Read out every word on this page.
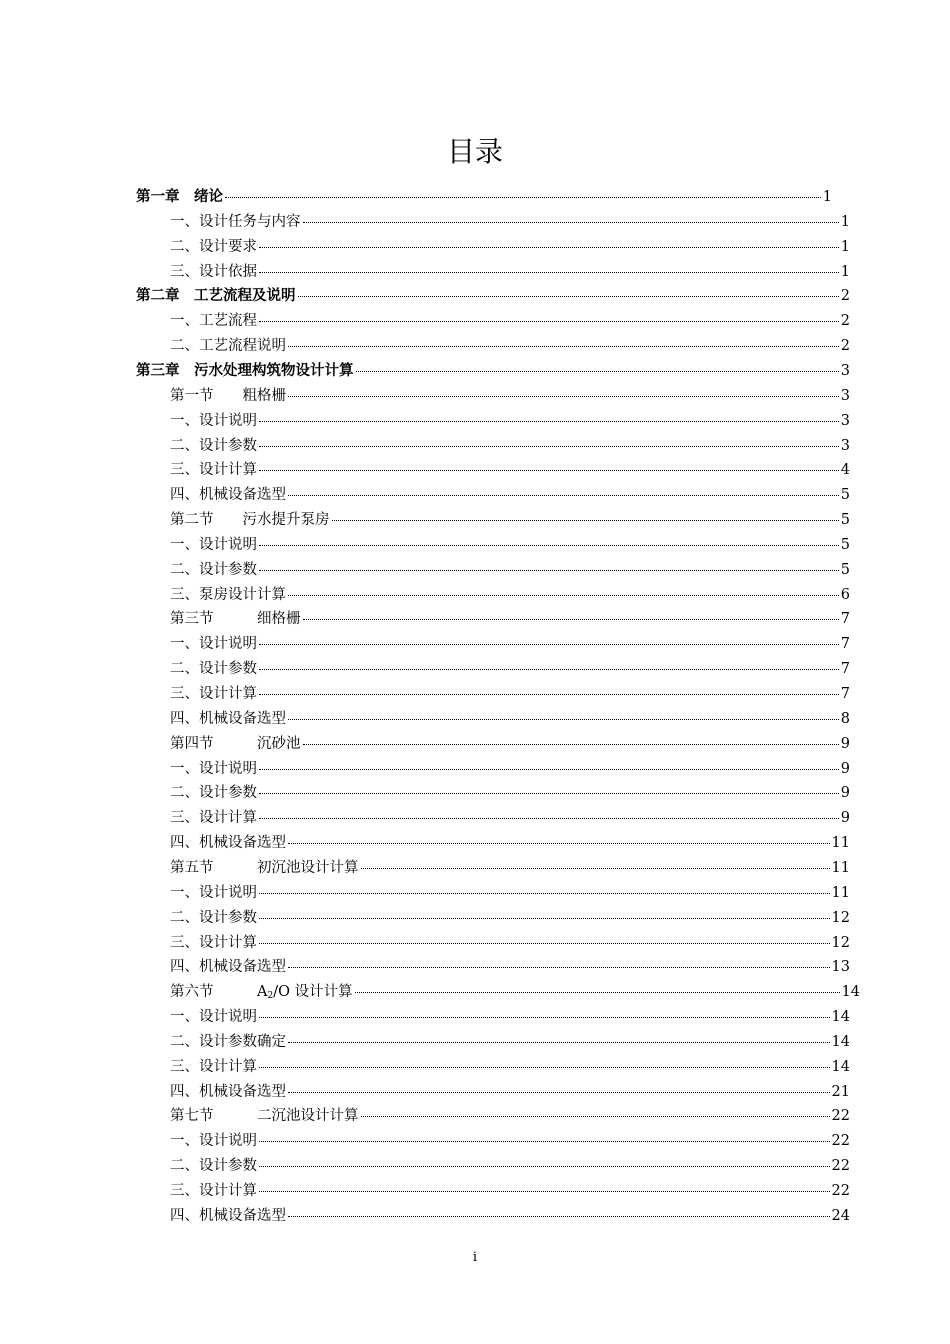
目录
第一章　绪论	1
一、设计任务与内容	1
二、设计要求	1
三、设计依据	1
第二章　工艺流程及说明	2
一、工艺流程	2
二、工艺流程说明	2
第三章　污水处理构筑物设计计算	3
第一节　　粗格栅	3
一、设计说明	3
二、设计参数	3
三、设计计算	4
四、机械设备选型	5
第二节　　污水提升泵房	5
一、设计说明	5
二、设计参数	5
三、泵房设计计算	6
第三节　　　细格栅	7
一、设计说明	7
二、设计参数	7
三、设计计算	7
四、机械设备选型	8
第四节　　　沉砂池	9
一、设计说明	9
二、设计参数	9
三、设计计算	9
四、机械设备选型	11
第五节　　　初沉池设计计算	11
一、设计说明	11
二、设计参数	12
三、设计计算	12
四、机械设备选型	13
第六节　　　$A_2/O$ 设计计算	14
一、设计说明	14
二、设计参数确定	14
三、设计计算	14
四、机械设备选型	21
第七节　　　二沉池设计计算	22
一、设计说明	22
二、设计参数	22
三、设计计算	22
四、机械设备选型	24
i
